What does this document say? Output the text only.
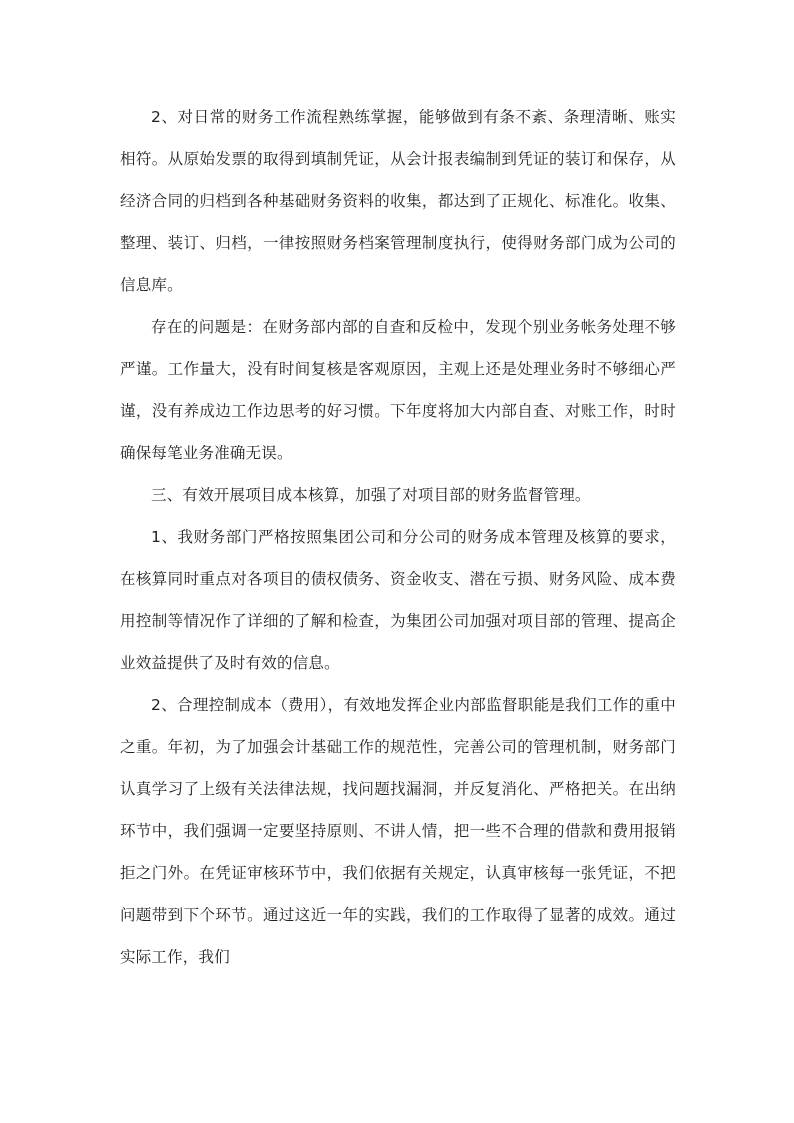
2、对日常的财务工作流程熟练掌握，能够做到有条不紊、条理清晰、账实相符。从原始发票的取得到填制凭证，从会计报表编制到凭证的装订和保存，从经济合同的归档到各种基础财务资料的收集，都达到了正规化、标准化。收集、整理、装订、归档，一律按照财务档案管理制度执行，使得财务部门成为公司的信息库。

存在的问题是：在财务部内部的自查和反检中，发现个别业务帐务处理不够严谨。工作量大，没有时间复核是客观原因，主观上还是处理业务时不够细心严谨，没有养成边工作边思考的好习惯。下年度将加大内部自查、对账工作，时时确保每笔业务准确无误。

三、有效开展项目成本核算，加强了对项目部的财务监督管理。

1、我财务部门严格按照集团公司和分公司的财务成本管理及核算的要求，在核算同时重点对各项目的债权债务、资金收支、潜在亏损、财务风险、成本费用控制等情况作了详细的了解和检查，为集团公司加强对项目部的管理、提高企业效益提供了及时有效的信息。

2、合理控制成本（费用），有效地发挥企业内部监督职能是我们工作的重中之重。年初，为了加强会计基础工作的规范性，完善公司的管理机制，财务部门认真学习了上级有关法律法规，找问题找漏洞，并反复消化、严格把关。在出纳环节中，我们强调一定要坚持原则、不讲人情，把一些不合理的借款和费用报销拒之门外。在凭证审核环节中，我们依据有关规定，认真审核每一张凭证，不把问题带到下个环节。通过这近一年的实践，我们的工作取得了显著的成效。通过实际工作，我们
